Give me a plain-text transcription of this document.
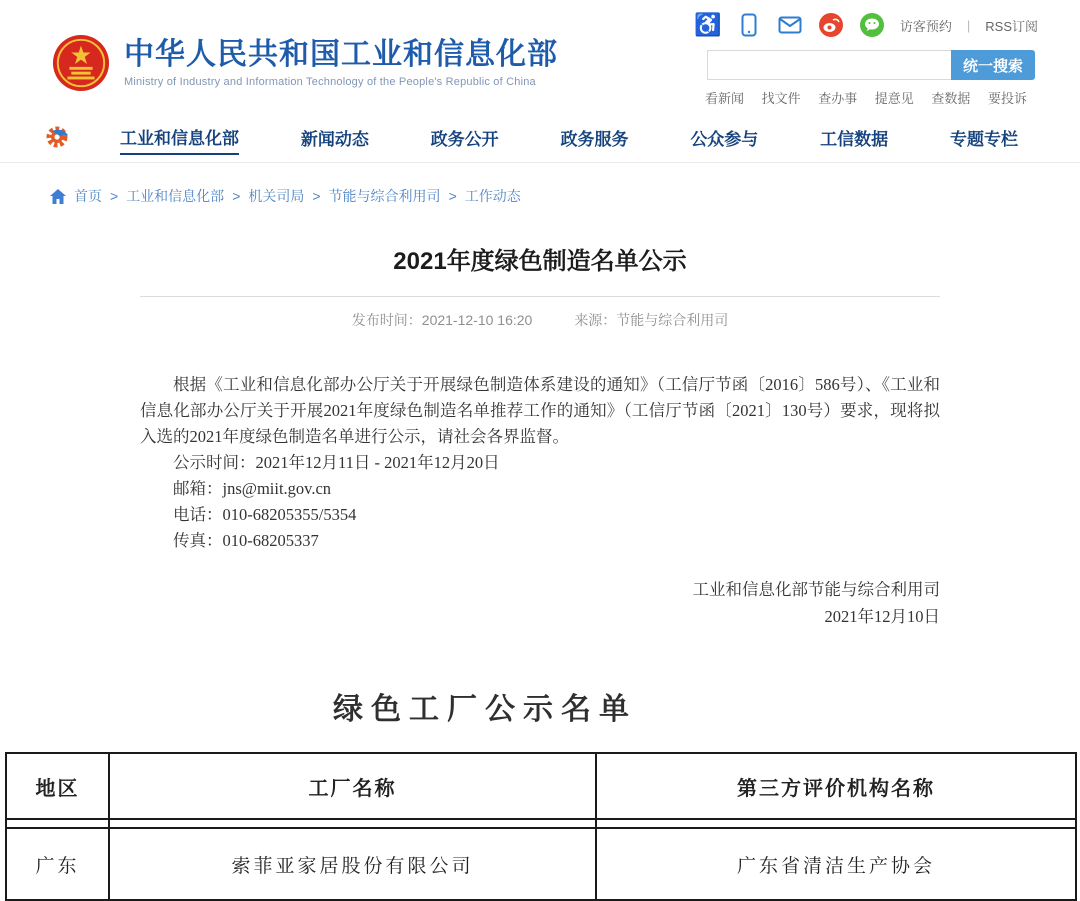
♿	访客预约 | RSS订阅
中华人民共和国工业和信息化部
Ministry of Industry and Information Technology of the People's Republic of China
统一搜索
看新闻 找文件 查办事 提意见 查数据 要投诉
工业和信息化部	新闻动态	政务公开	政务服务	公众参与	工信数据	专题专栏
首页 > 工业和信息化部 > 机关司局 > 节能与综合利用司 > 工作动态
2021年度绿色制造名单公示
发布时间：2021-12-10 16:20	来源：节能与综合利用司

根据《工业和信息化部办公厅关于开展绿色制造体系建设的通知》（工信厅节函〔2016〕586号）、《工业和信息化部办公厅关于开展2021年度绿色制造名单推荐工作的通知》（工信厅节函〔2021〕130号）要求，现将拟入选的2021年度绿色制造名单进行公示，请社会各界监督。

公示时间：2021年12月11日 - 2021年12月20日
邮箱：jns@miit.gov.cn
电话：010-68205355/5354
传真：010-68205337
工业和信息化部节能与综合利用司
2021年12月10日
绿色工厂公示名单
地区	工厂名称	第三方评价机构名称
广东	索菲亚家居股份有限公司	广东省清洁生产协会
